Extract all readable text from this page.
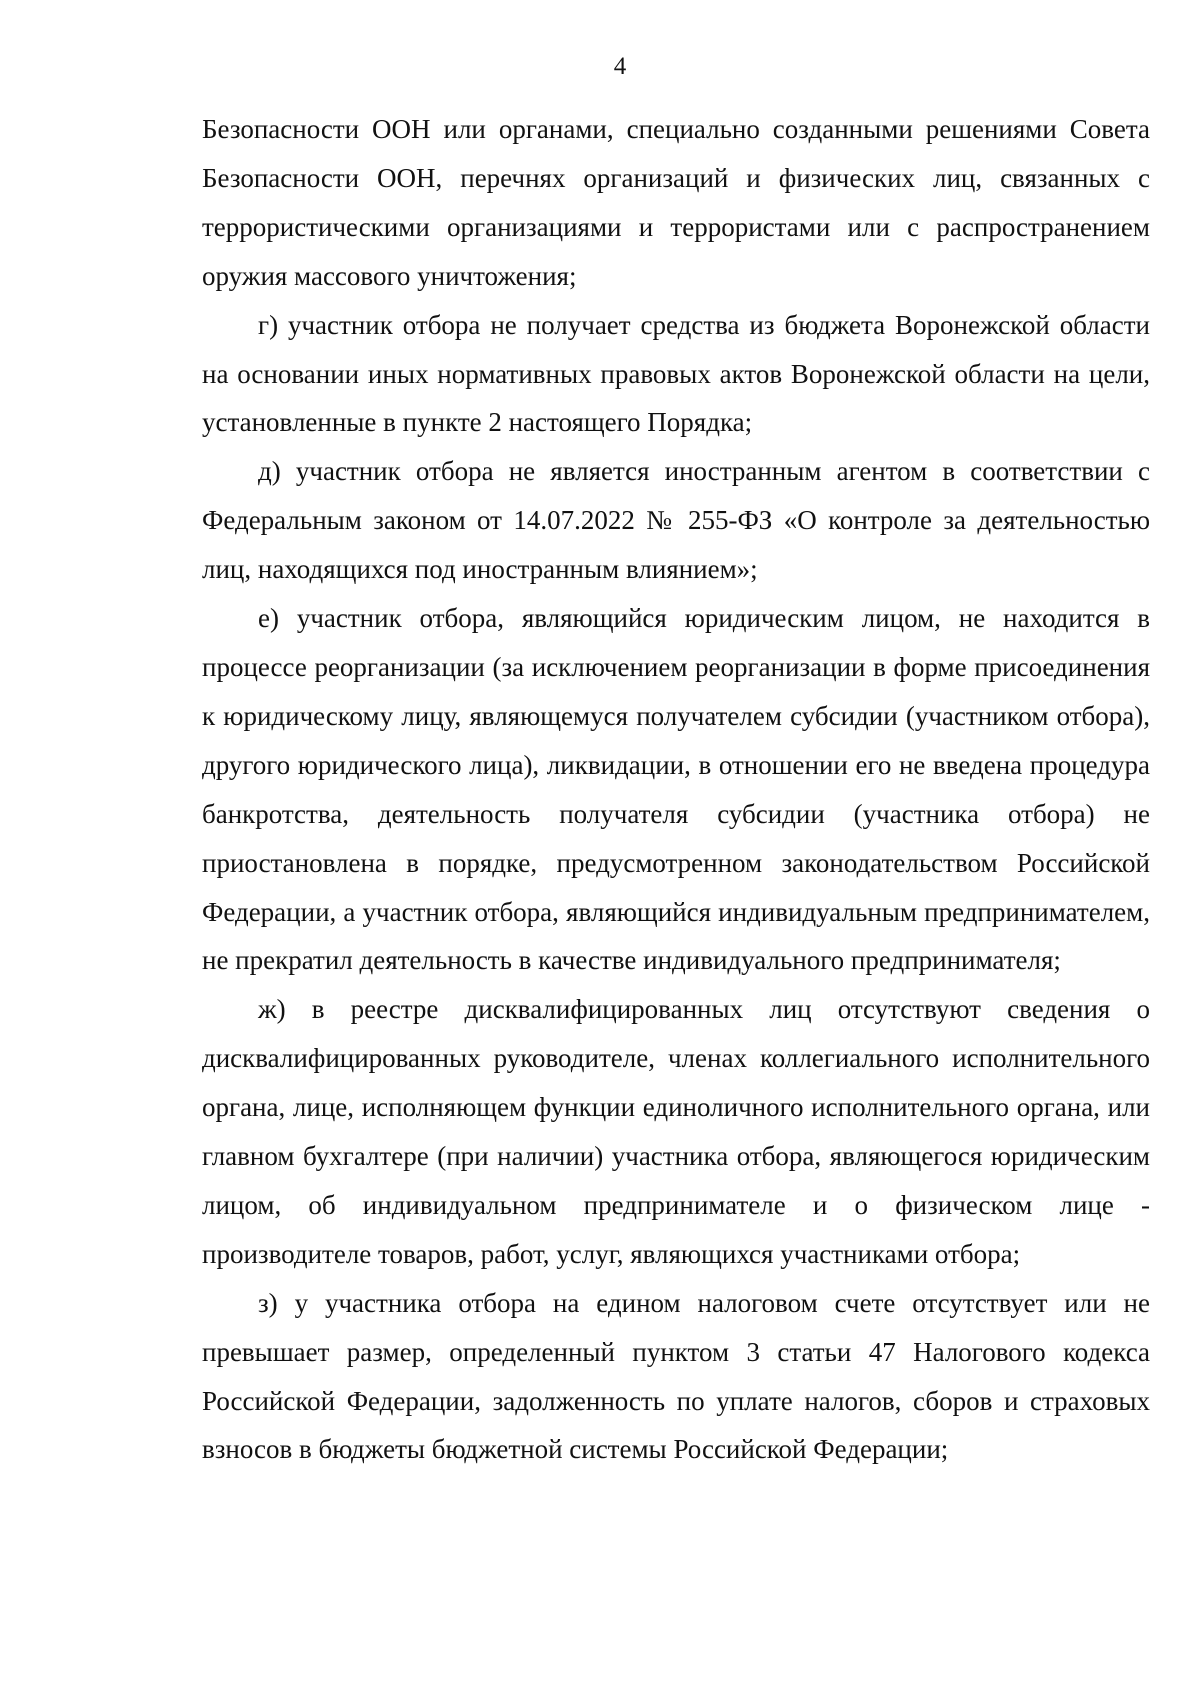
4

Безопасности ООН или органами, специально созданными решениями Совета Безопасности ООН, перечнях организаций и физических лиц, связанных с террористическими организациями и террористами или с распространением оружия массового уничтожения;

г) участник отбора не получает средства из бюджета Воронежской области на основании иных нормативных правовых актов Воронежской области на цели, установленные в пункте 2 настоящего Порядка;

д) участник отбора не является иностранным агентом в соответствии с Федеральным законом от 14.07.2022 № 255-ФЗ «О контроле за деятельностью лиц, находящихся под иностранным влиянием»;

е) участник отбора, являющийся юридическим лицом, не находится в процессе реорганизации (за исключением реорганизации в форме присоединения к юридическому лицу, являющемуся получателем субсидии (участником отбора), другого юридического лица), ликвидации, в отношении его не введена процедура банкротства, деятельность получателя субсидии (участника отбора) не приостановлена в порядке, предусмотренном законодательством Российской Федерации, а участник отбора, являющийся индивидуальным предпринимателем, не прекратил деятельность в качестве индивидуального предпринимателя;

ж) в реестре дисквалифицированных лиц отсутствуют сведения о дисквалифицированных руководителе, членах коллегиального исполнительного органа, лице, исполняющем функции единоличного исполнительного органа, или главном бухгалтере (при наличии) участника отбора, являющегося юридическим лицом, об индивидуальном предпринимателе и о физическом лице - производителе товаров, работ, услуг, являющихся участниками отбора;

з) у участника отбора на едином налоговом счете отсутствует или не превышает размер, определенный пунктом 3 статьи 47 Налогового кодекса Российской Федерации, задолженность по уплате налогов, сборов и страховых взносов в бюджеты бюджетной системы Российской Федерации;
